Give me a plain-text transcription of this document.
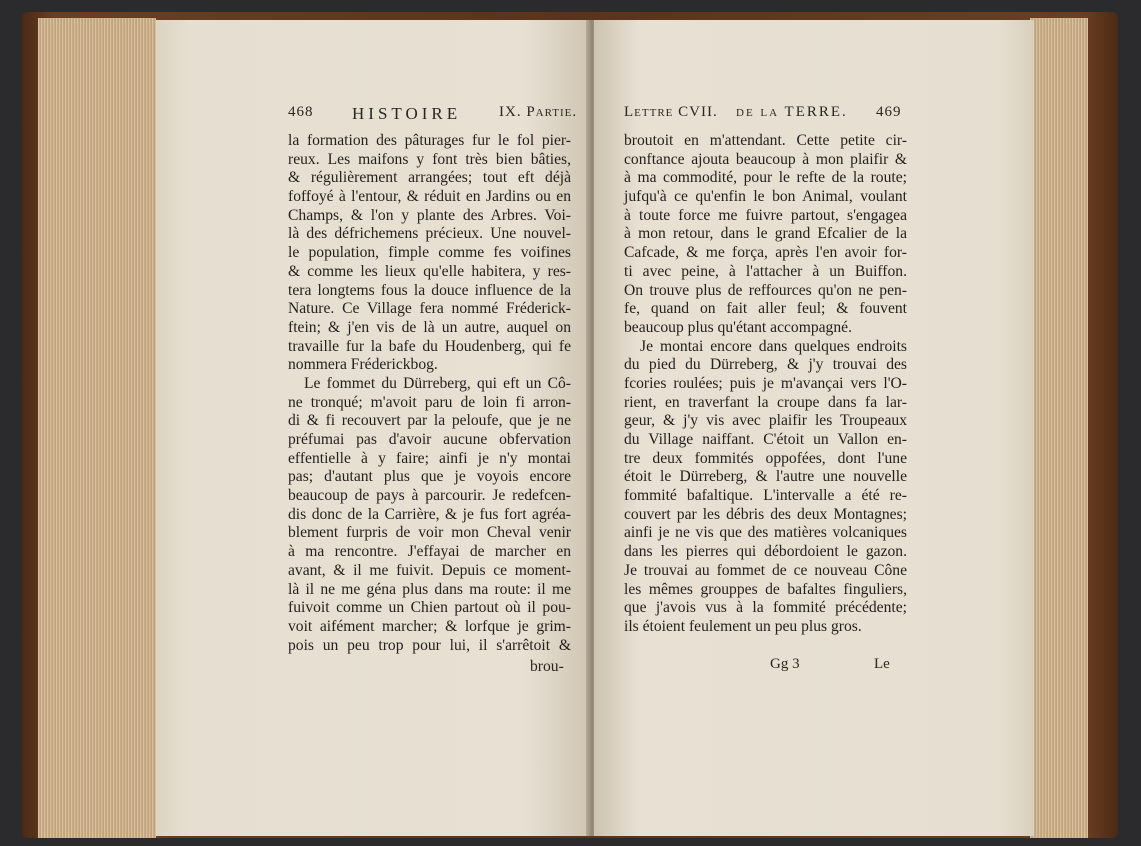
468 HISTOIRE	IX. Partie.
la formation des pâturages fur le fol pier-
reux. Les maifons y font très bien bâties,
& régulièrement arrangées; tout eft déjà
foffoyé à l'entour, & réduit en Jardins ou en
Champs, & l'on y plante des Arbres. Voi-
là des défrichemens précieux. Une nouvel-
le population, fimple comme fes voifines
& comme les lieux qu'elle habitera, y res-
tera longtems fous la douce influence de la
Nature. Ce Village fera nommé Fréderick-
ftein; & j'en vis de là un autre, auquel on
travaille fur la bafe du Houdenberg, qui fe
nommera Fréderickbog.
Le fommet du Dürreberg, qui eft un Cô-
ne tronqué; m'avoit paru de loin fi arron-
di & fi recouvert par la peloufe, que je ne
préfumai pas d'avoir aucune obfervation
effentielle à y faire; ainfi je n'y montai
pas; d'autant plus que je voyois encore
beaucoup de pays à parcourir. Je redefcen-
dis donc de la Carrière, & je fus fort agréa-
blement furpris de voir mon Cheval venir
à ma rencontre. J'effayai de marcher en
avant, & il me fuivit. Depuis ce moment-
là il ne me géna plus dans ma route: il me
fuivoit comme un Chien partout où il pou-
voit aifément marcher; & lorfque je grim-
pois un peu trop pour lui, il s'arrêtoit &
brou-
Lettre CVII. de la TERRE. 469
broutoit en m'attendant. Cette petite cir-
conftance ajouta beaucoup à mon plaifir &
à ma commodité, pour le refte de la route;
jufqu'à ce qu'enfin le bon Animal, voulant
à toute force me fuivre partout, s'engagea
à mon retour, dans le grand Efcalier de la
Cafcade, & me força, après l'en avoir for-
ti avec peine, à l'attacher à un Buiffon.
On trouve plus de reffources qu'on ne pen-
fe, quand on fait aller feul; & fouvent
beaucoup plus qu'étant accompagné.
Je montai encore dans quelques endroits
du pied du Dürreberg, & j'y trouvai des
fcories roulées; puis je m'avançai vers l'O-
rient, en traverfant la croupe dans fa lar-
geur, & j'y vis avec plaifir les Troupeaux
du Village naiffant. C'étoit un Vallon en-
tre deux fommités oppofées, dont l'une
étoit le Dürreberg, & l'autre une nouvelle
fommité bafaltique. L'intervalle a été re-
couvert par les débris des deux Montagnes;
ainfi je ne vis que des matières volcaniques
dans les pierres qui débordoient le gazon.
Je trouvai au fommet de ce nouveau Cône
les mêmes grouppes de bafaltes finguliers,
que j'avois vus à la fommité précédente;
ils étoient feulement un peu plus gros.
Gg 3	Le
